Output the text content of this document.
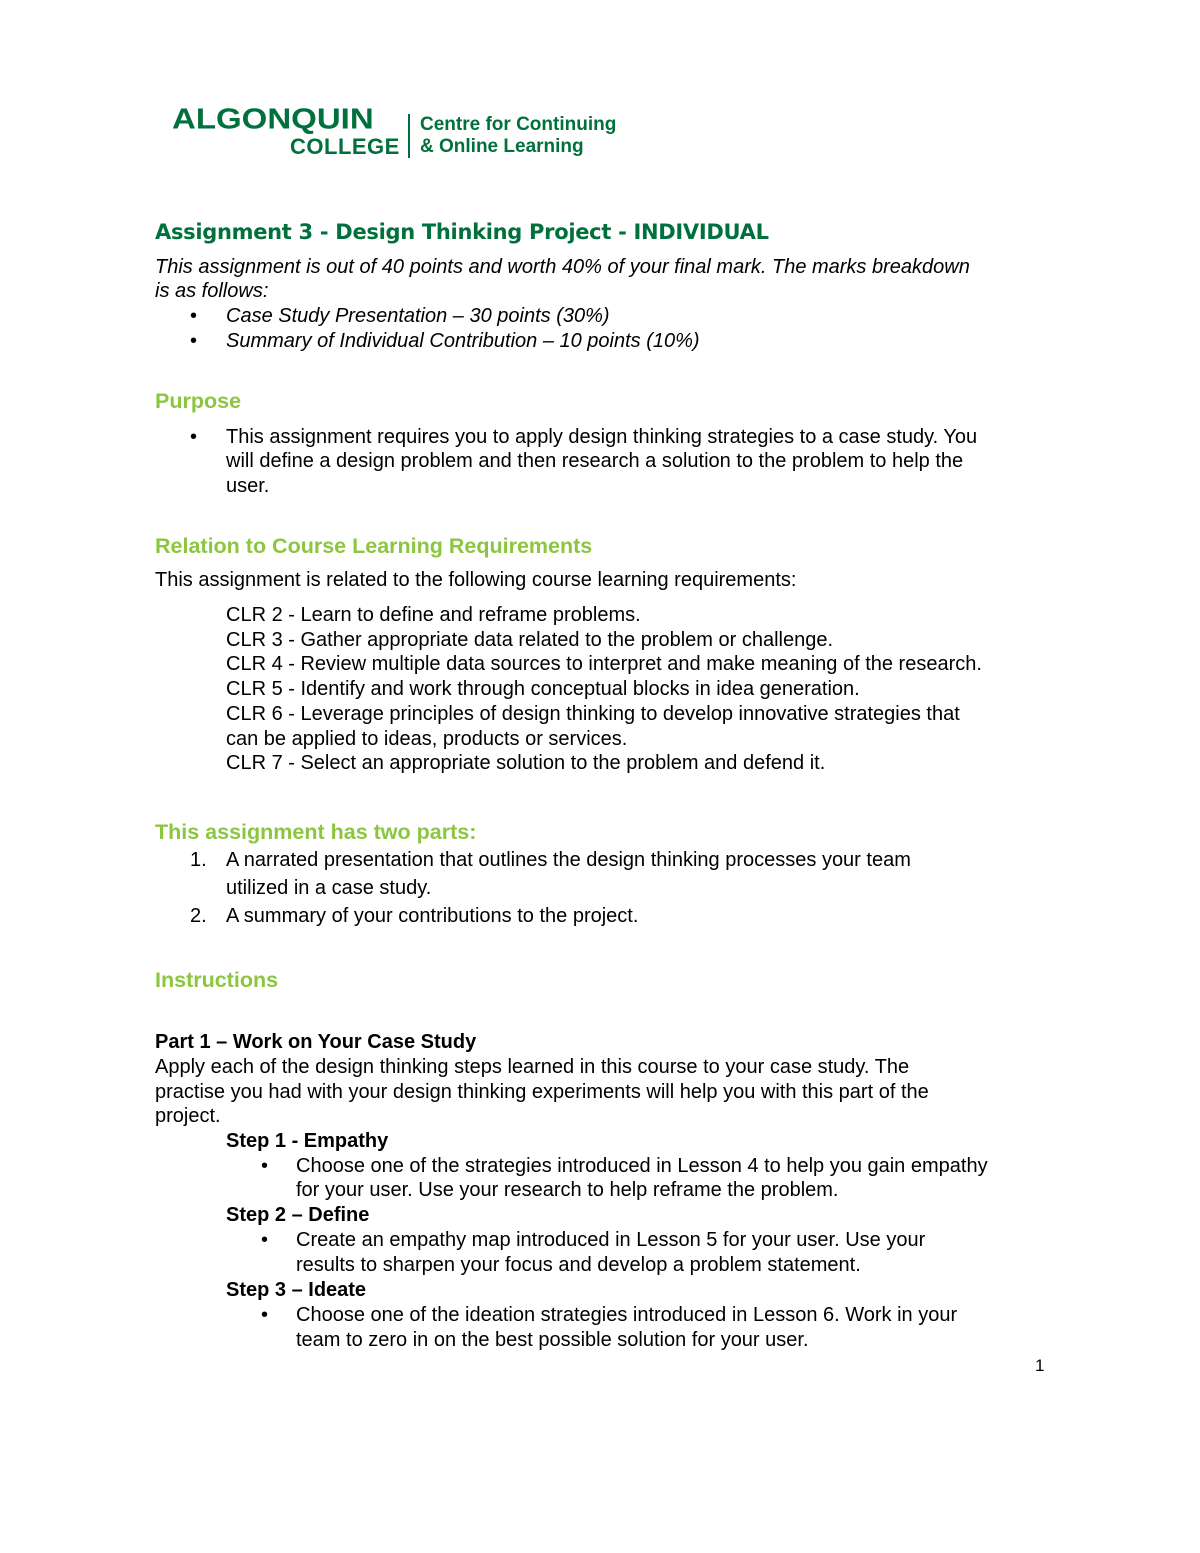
ALGONQUIN
COLLEGE
Centre for Continuing
& Online Learning
Assignment 3 - Design Thinking Project - INDIVIDUAL
This assignment is out of 40 points and worth 40% of your final mark. The marks breakdown
is as follows:
• Case Study Presentation – 30 points (30%)
• Summary of Individual Contribution – 10 points (10%)
Purpose
• This assignment requires you to apply design thinking strategies to a case study. You
will define a design problem and then research a solution to the problem to help the
user.
Relation to Course Learning Requirements
This assignment is related to the following course learning requirements:
CLR 2 - Learn to define and reframe problems.
CLR 3 - Gather appropriate data related to the problem or challenge.
CLR 4 - Review multiple data sources to interpret and make meaning of the research.
CLR 5 - Identify and work through conceptual blocks in idea generation.
CLR 6 - Leverage principles of design thinking to develop innovative strategies that
can be applied to ideas, products or services.
CLR 7 - Select an appropriate solution to the problem and defend it.
This assignment has two parts:
1. A narrated presentation that outlines the design thinking processes your team
utilized in a case study.
2. A summary of your contributions to the project.
Instructions
Part 1 – Work on Your Case Study
Apply each of the design thinking steps learned in this course to your case study. The
practise you had with your design thinking experiments will help you with this part of the
project.
Step 1 - Empathy
• Choose one of the strategies introduced in Lesson 4 to help you gain empathy
for your user. Use your research to help reframe the problem.
Step 2 – Define
• Create an empathy map introduced in Lesson 5 for your user. Use your
results to sharpen your focus and develop a problem statement.
Step 3 – Ideate
• Choose one of the ideation strategies introduced in Lesson 6. Work in your
team to zero in on the best possible solution for your user.
1
